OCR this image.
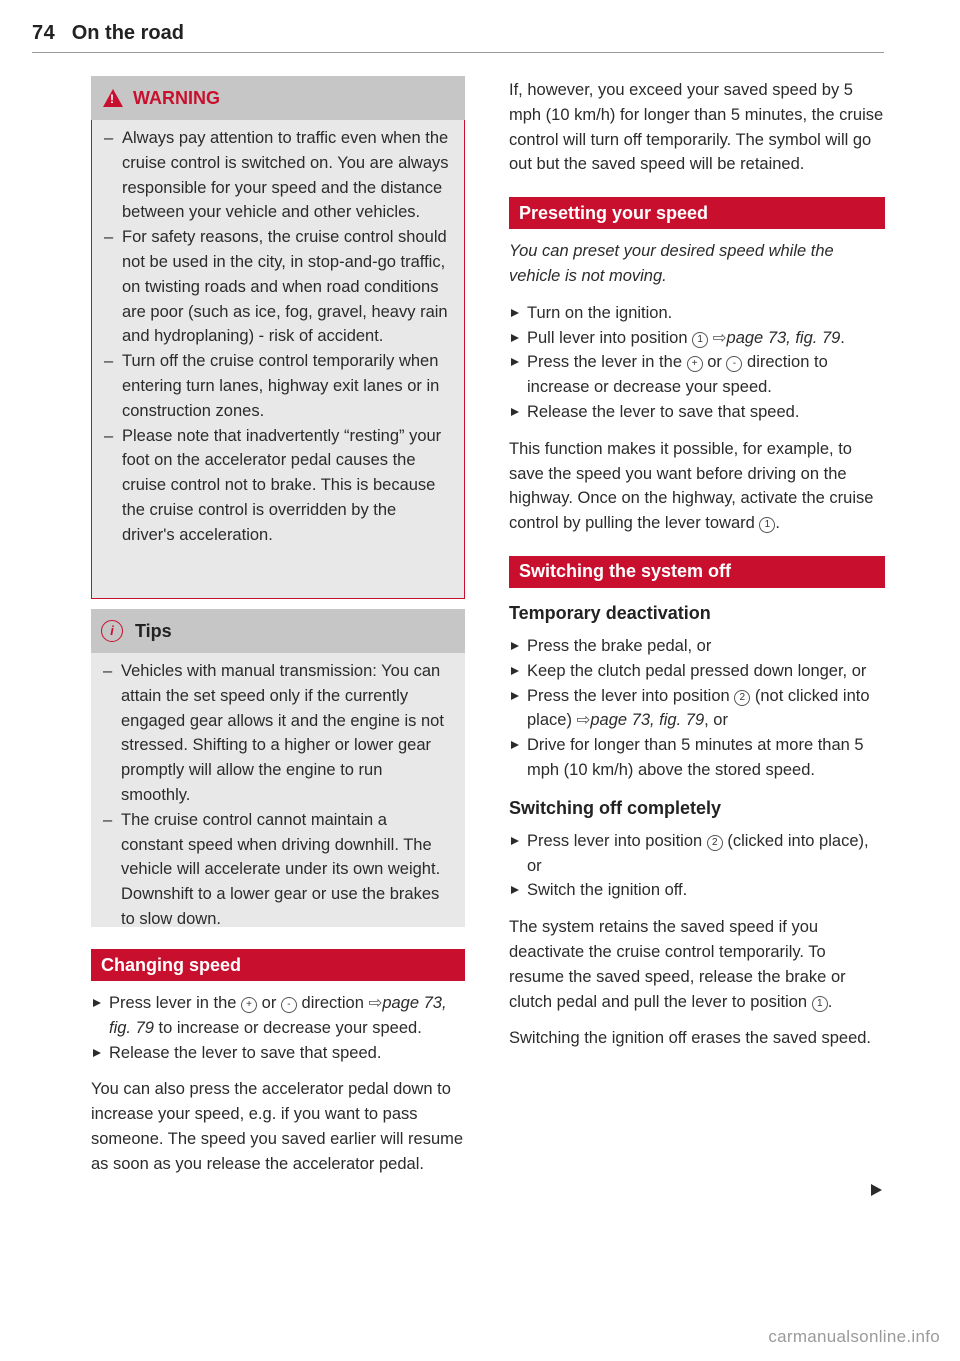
74 On the road
!
WARNING
– Always pay attention to traffic even when the cruise control is switched on. You are always responsible for your speed and the distance between your vehicle and other vehicles.
– For safety reasons, the cruise control should not be used in the city, in stop-and-go traffic, on twisting roads and when road conditions are poor (such as ice, fog, gravel, heavy rain and hydroplaning) - risk of accident.
– Turn off the cruise control temporarily when entering turn lanes, highway exit lanes or in construction zones.
– Please note that inadvertently “resting” your foot on the accelerator pedal causes the cruise control not to brake. This is because the cruise control is overridden by the driver's acceleration.
i	Tips
– Vehicles with manual transmission: You can attain the set speed only if the currently engaged gear allows it and the engine is not stressed. Shifting to a higher or lower gear promptly will allow the engine to run smoothly.
– The cruise control cannot maintain a constant speed when driving downhill. The vehicle will accelerate under its own weight. Downshift to a lower gear or use the brakes to slow down.
Changing speed
Press lever in the + or - direction ⇨page 73, fig. 79 to increase or decrease your speed.
Release the lever to save that speed.

You can also press the accelerator pedal down to increase your speed, e.g. if you want to pass someone. The speed you saved earlier will resume as soon as you release the accelerator pedal.

If, however, you exceed your saved speed by 5 mph (10 km/h) for longer than 5 minutes, the cruise control will turn off temporarily. The symbol will go out but the saved speed will be retained.

Presetting your speed

You can preset your desired speed while the vehicle is not moving.

Turn on the ignition.
Pull lever into position 1 ⇨page 73, fig. 79.
Press the lever in the + or - direction to increase or decrease your speed.
Release the lever to save that speed.

This function makes it possible, for example, to save the speed you want before driving on the highway. Once on the highway, activate the cruise control by pulling the lever toward 1 .

Switching the system off
Temporary deactivation
Press the brake pedal, or
Keep the clutch pedal pressed down longer, or
Press the lever into position 2 (not clicked into place) ⇨page 73, fig. 79, or
Drive for longer than 5 minutes at more than 5 mph (10 km/h) above the stored speed.
Switching off completely
Press lever into position 2 (clicked into place), or
Switch the ignition off.

The system retains the saved speed if you deactivate the cruise control temporarily. To resume the saved speed, release the brake or clutch pedal and pull the lever to position 1 .

Switching the ignition off erases the saved speed.

carmanualsonline.info
